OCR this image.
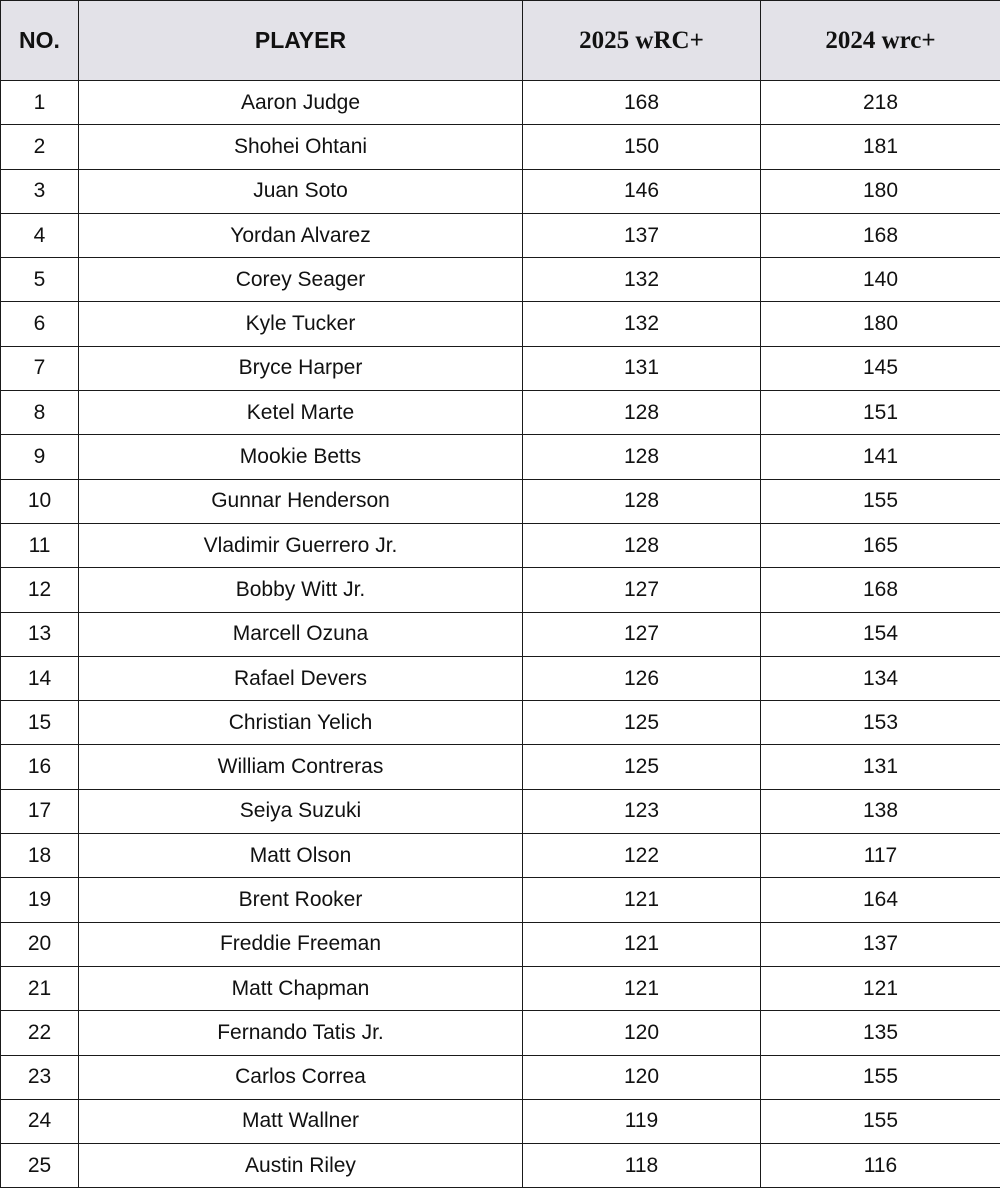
NO.	PLAYER	2025 wRC+	2024 wrc+
1	Aaron Judge	168	218
2	Shohei Ohtani	150	181
3	Juan Soto	146	180
4	Yordan Alvarez	137	168
5	Corey Seager	132	140
6	Kyle Tucker	132	180
7	Bryce Harper	131	145
8	Ketel Marte	128	151
9	Mookie Betts	128	141
10	Gunnar Henderson	128	155
11	Vladimir Guerrero Jr.	128	165
12	Bobby Witt Jr.	127	168
13	Marcell Ozuna	127	154
14	Rafael Devers	126	134
15	Christian Yelich	125	153
16	William Contreras	125	131
17	Seiya Suzuki	123	138
18	Matt Olson	122	117
19	Brent Rooker	121	164
20	Freddie Freeman	121	137
21	Matt Chapman	121	121
22	Fernando Tatis Jr.	120	135
23	Carlos Correa	120	155
24	Matt Wallner	119	155
25	Austin Riley	118	116
